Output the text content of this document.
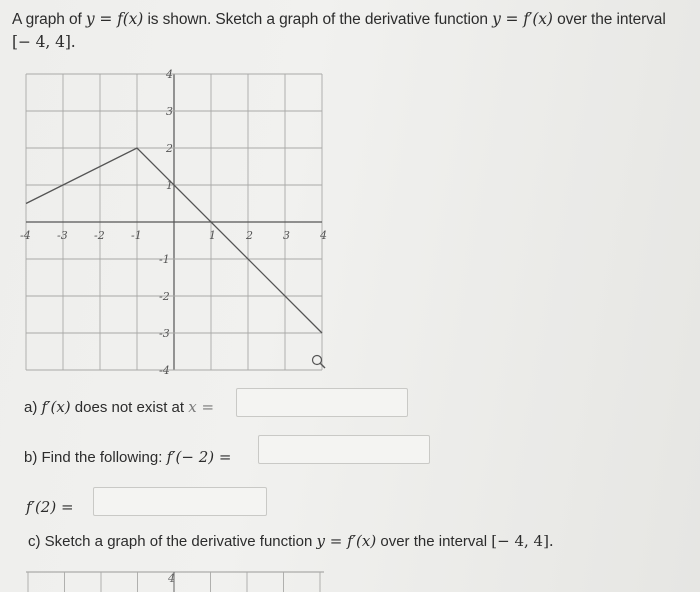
A graph of y = f(x) is shown. Sketch a graph of the derivative function y = f′(x) over the interval
[− 4, 4].
-4 -3 -2 -1	1	2	3	4
4
3
2
1
-1
-2
-3
-4
a) f′(x) does not exist at x =
b) Find the following: f′(− 2) =
f′(2) =
c) Sketch a graph of the derivative function y = f′(x) over the interval [− 4, 4].
4
